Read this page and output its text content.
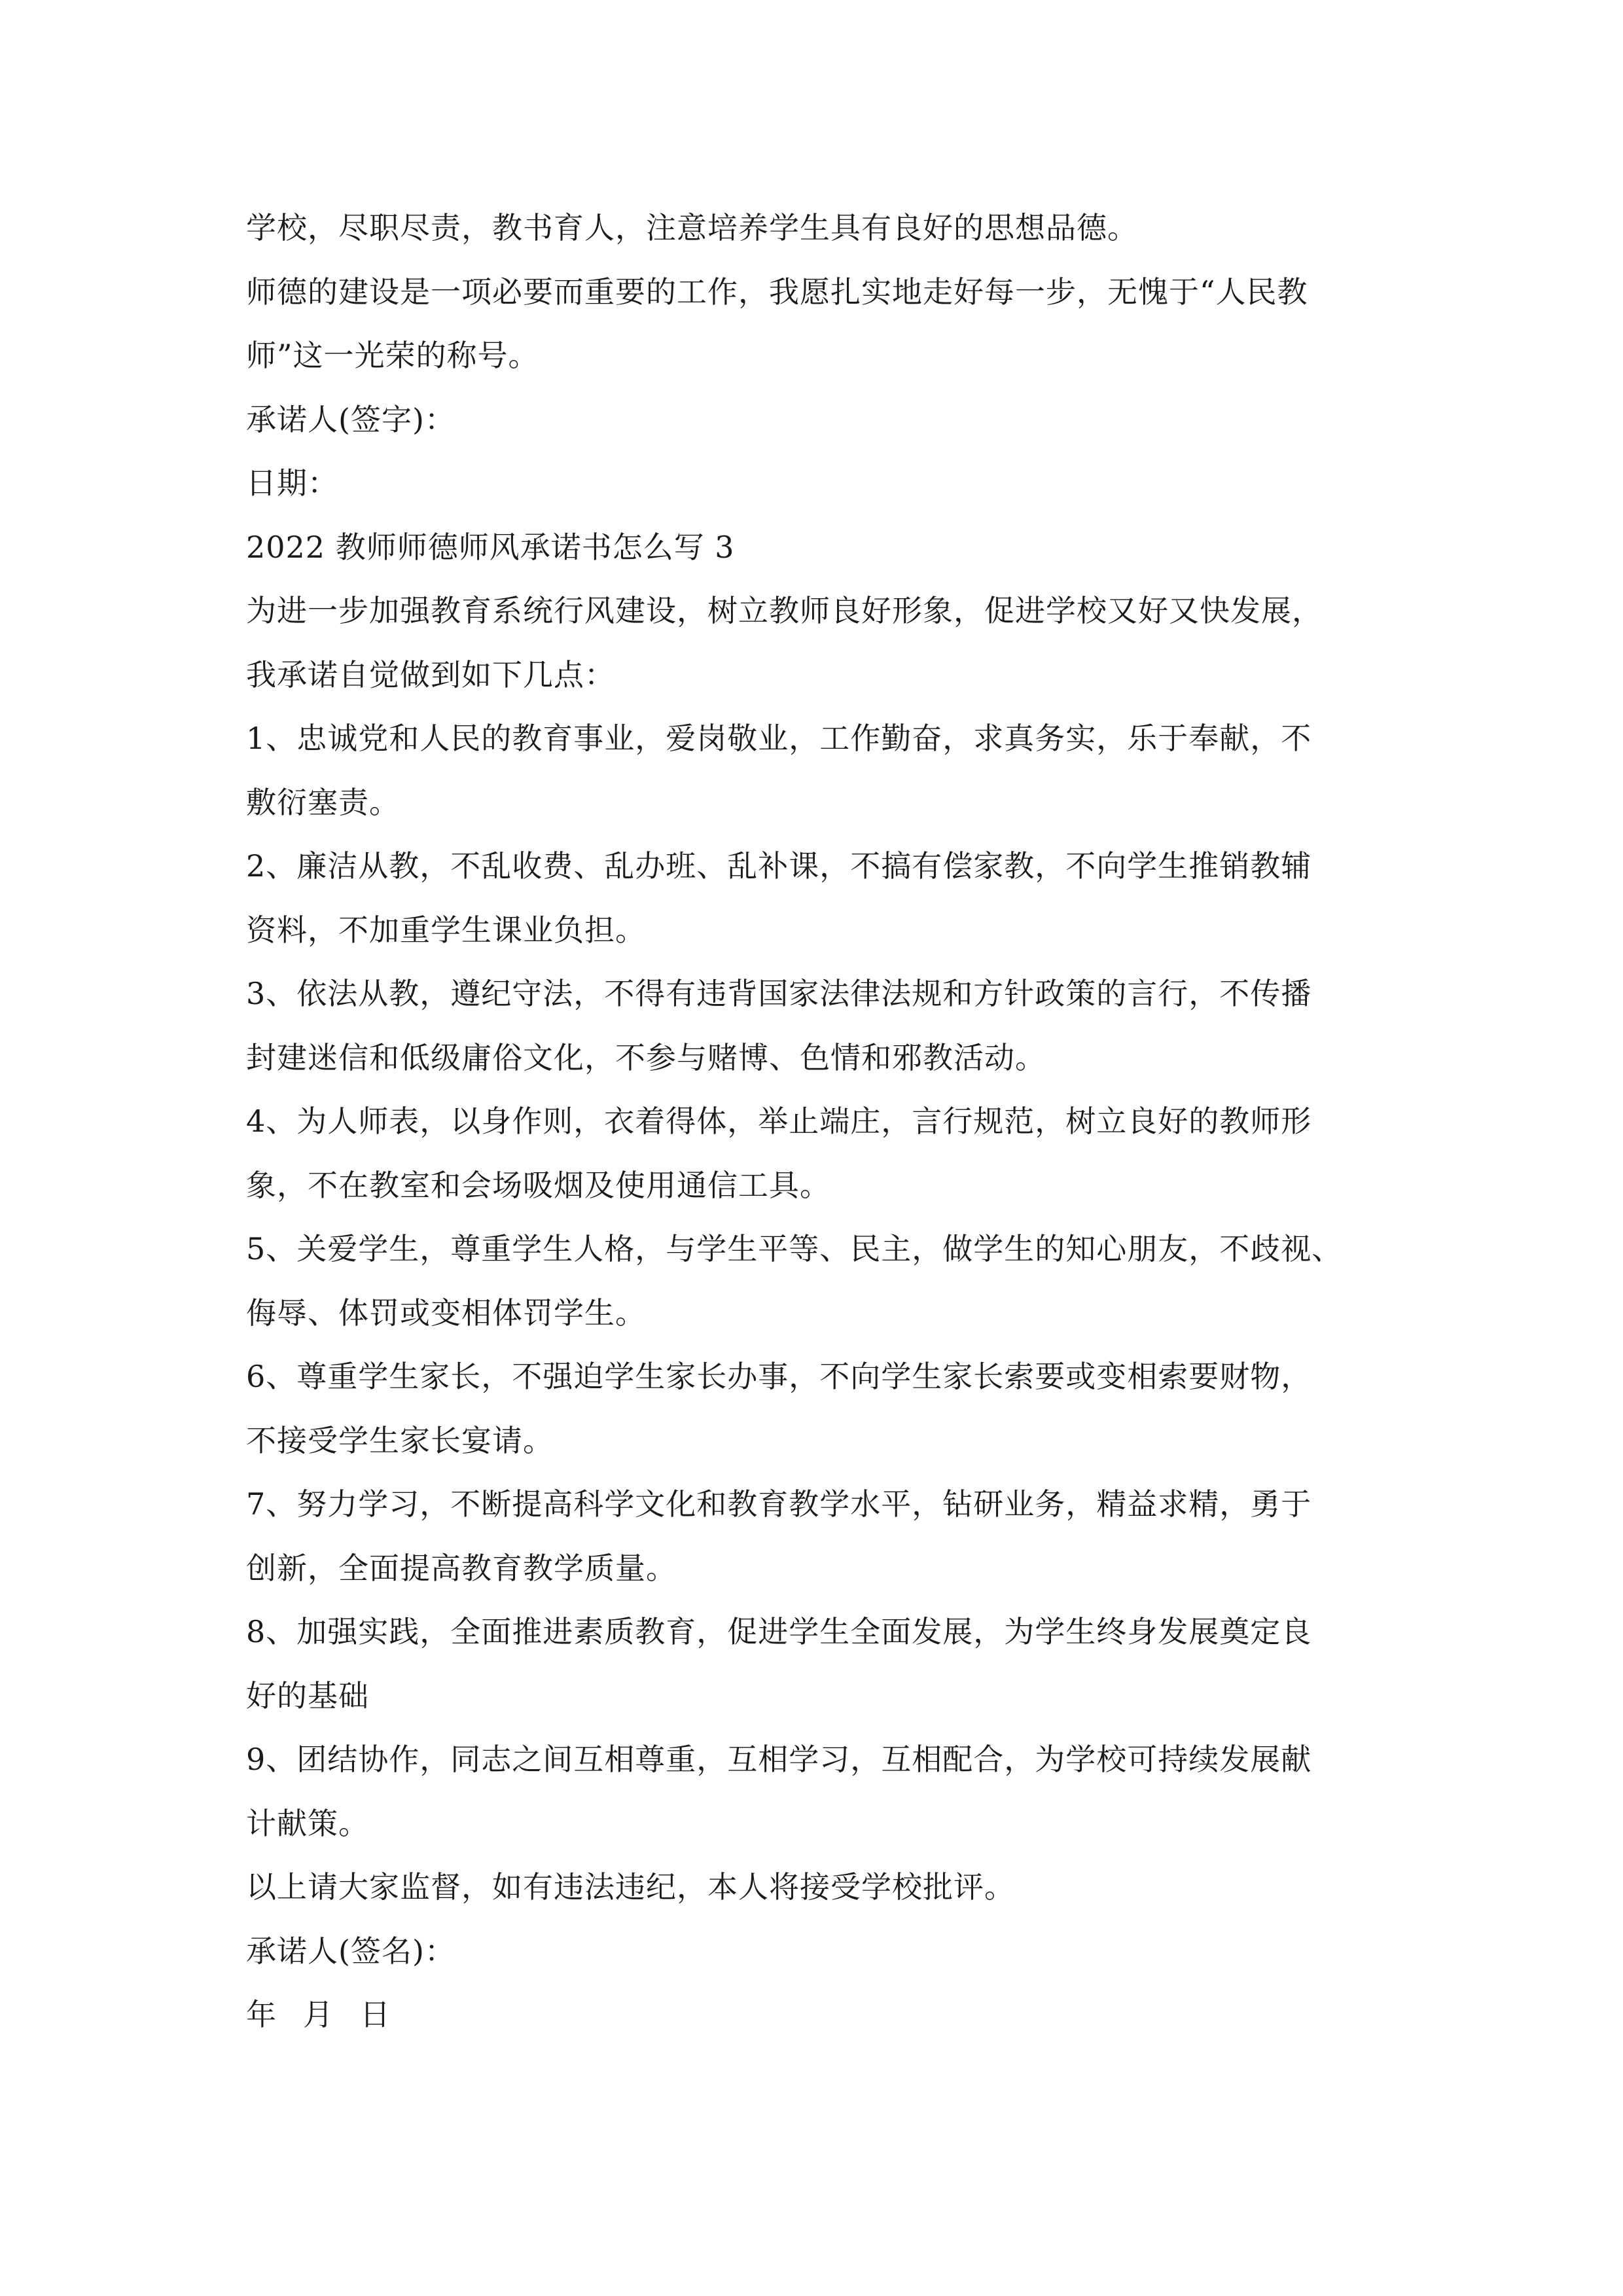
学校，尽职尽责，教书育人，注意培养学生具有良好的思想品德。
师德的建设是一项必要而重要的工作，我愿扎实地走好每一步，无愧于“人民教
师”这一光荣的称号。
承诺人(签字)：
日期：
2022 教师师德师风承诺书怎么写 3
为进一步加强教育系统行风建设，树立教师良好形象，促进学校又好又快发展，
我承诺自觉做到如下几点：
1、忠诚党和人民的教育事业，爱岗敬业，工作勤奋，求真务实，乐于奉献，不
敷衍塞责。
2、廉洁从教，不乱收费、乱办班、乱补课，不搞有偿家教，不向学生推销教辅
资料，不加重学生课业负担。
3、依法从教，遵纪守法，不得有违背国家法律法规和方针政策的言行，不传播
封建迷信和低级庸俗文化，不参与赌博、色情和邪教活动。
4、为人师表，以身作则，衣着得体，举止端庄，言行规范，树立良好的教师形
象，不在教室和会场吸烟及使用通信工具。
5、关爱学生，尊重学生人格，与学生平等、民主，做学生的知心朋友，不歧视、
侮辱、体罚或变相体罚学生。
6、尊重学生家长，不强迫学生家长办事，不向学生家长索要或变相索要财物，
不接受学生家长宴请。
7、努力学习，不断提高科学文化和教育教学水平，钻研业务，精益求精，勇于
创新，全面提高教育教学质量。
8、加强实践，全面推进素质教育，促进学生全面发展，为学生终身发展奠定良
好的基础
9、团结协作，同志之间互相尊重，互相学习，互相配合，为学校可持续发展献
计献策。
以上请大家监督，如有违法违纪，本人将接受学校批评。
承诺人(签名)：
年 月 日
